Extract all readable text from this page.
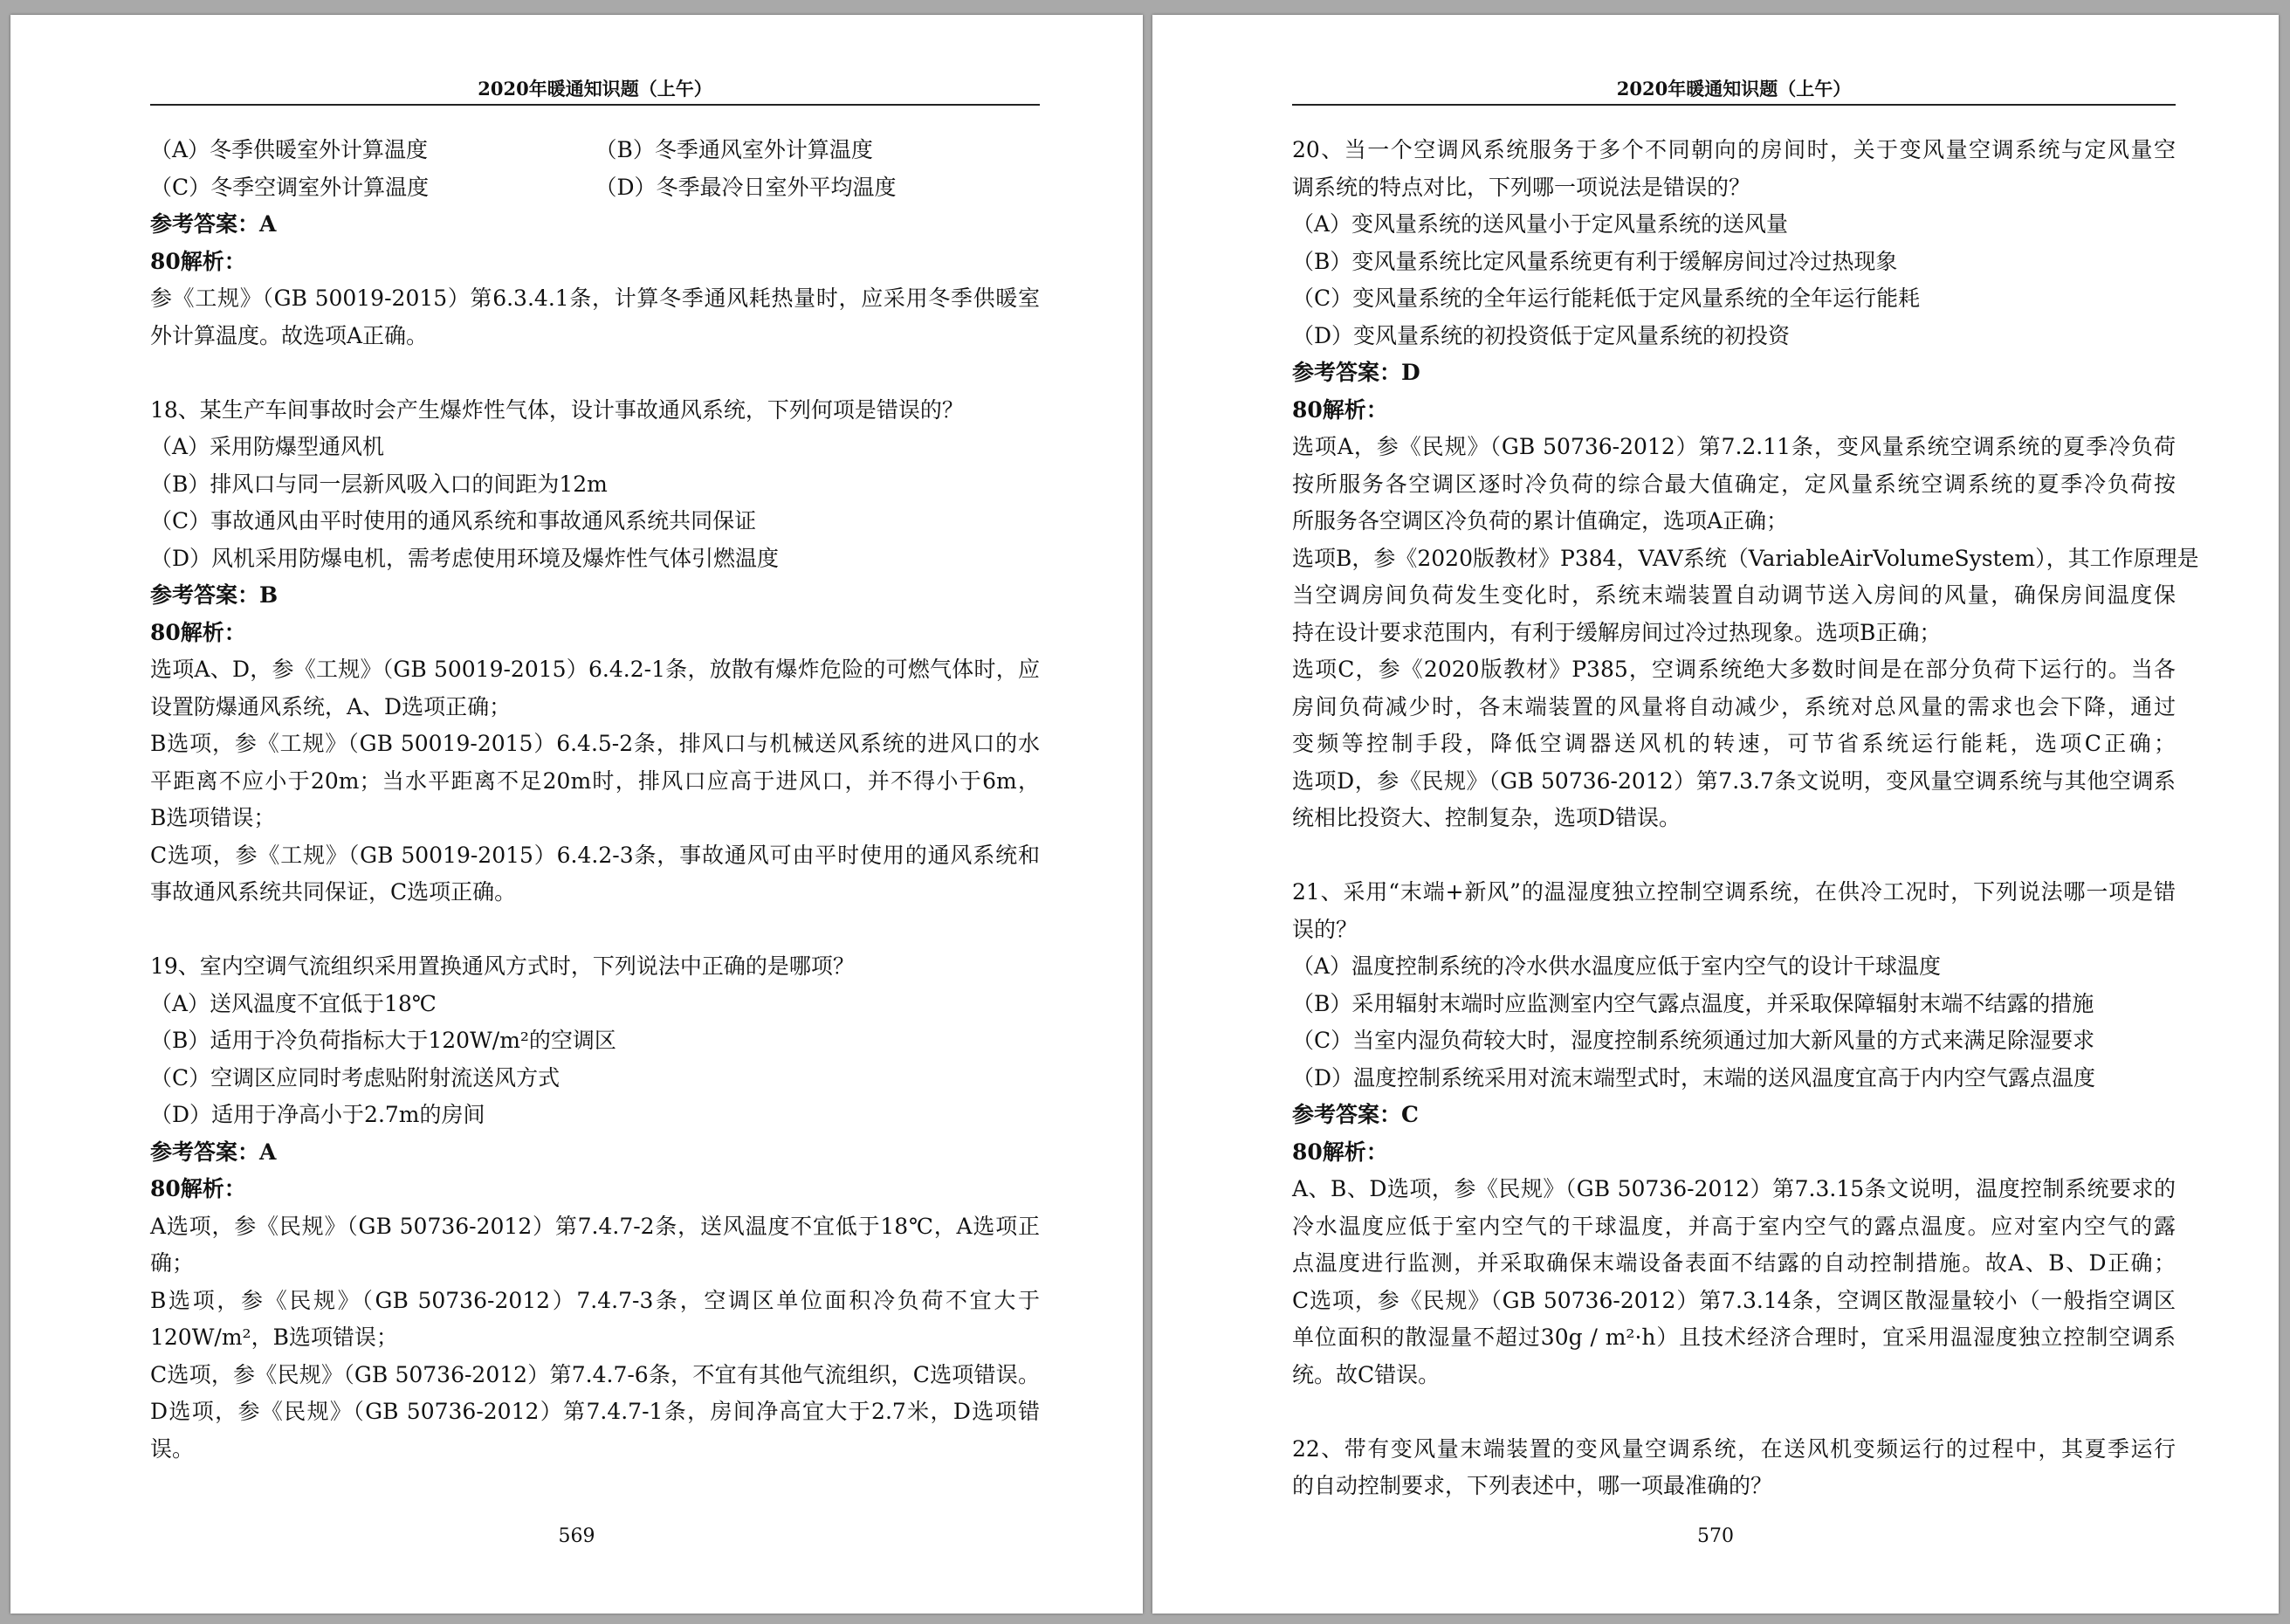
2020年暖通知识题（上午）
（A）冬季供暖室外计算温度	（B）冬季通风室外计算温度
（C）冬季空调室外计算温度	（D）冬季最冷日室外平均温度
参考答案：A
80解析：
参《工规》（GB 50019-2015）第6.3.4.1条，计算冬季通风耗热量时，应采用冬季供暖室
外计算温度。故选项A正确。
18、某生产车间事故时会产生爆炸性气体，设计事故通风系统，下列何项是错误的？
（A）采用防爆型通风机
（B）排风口与同一层新风吸入口的间距为12m
（C）事故通风由平时使用的通风系统和事故通风系统共同保证
（D）风机采用防爆电机，需考虑使用环境及爆炸性气体引燃温度
参考答案：B
80解析：
选项A、D，参《工规》（GB 50019-2015）6.4.2-1条，放散有爆炸危险的可燃气体时，应
设置防爆通风系统，A、D选项正确；
B选项，参《工规》（GB 50019-2015）6.4.5-2条，排风口与机械送风系统的进风口的水
平距离不应小于20m；当水平距离不足20m时，排风口应高于进风口，并不得小于6m，
B选项错误；
C选项，参《工规》（GB 50019-2015）6.4.2-3条，事故通风可由平时使用的通风系统和
事故通风系统共同保证，C选项正确。
19、室内空调气流组织采用置换通风方式时，下列说法中正确的是哪项？
（A）送风温度不宜低于18℃
（B）适用于冷负荷指标大于120W/m²的空调区
（C）空调区应同时考虑贴附射流送风方式
（D）适用于净高小于2.7m的房间
参考答案：A
80解析：
A选项，参《民规》（GB 50736-2012）第7.4.7-2条，送风温度不宜低于18℃，A选项正
确；
B选项，参《民规》（GB 50736-2012）7.4.7-3条，空调区单位面积冷负荷不宜大于
120W/m²，B选项错误；
C选项，参《民规》（GB 50736-2012）第7.4.7-6条，不宜有其他气流组织，C选项错误。
D选项，参《民规》（GB 50736-2012）第7.4.7-1条，房间净高宜大于2.7米，D选项错
误。
569
2020年暖通知识题（上午）
20、当一个空调风系统服务于多个不同朝向的房间时，关于变风量空调系统与定风量空
调系统的特点对比，下列哪一项说法是错误的？
（A）变风量系统的送风量小于定风量系统的送风量
（B）变风量系统比定风量系统更有利于缓解房间过冷过热现象
（C）变风量系统的全年运行能耗低于定风量系统的全年运行能耗
（D）变风量系统的初投资低于定风量系统的初投资
参考答案：D
80解析：
选项A，参《民规》（GB 50736-2012）第7.2.11条，变风量系统空调系统的夏季冷负荷
按所服务各空调区逐时冷负荷的综合最大值确定，定风量系统空调系统的夏季冷负荷按
所服务各空调区冷负荷的累计值确定，选项A正确；
选项B，参《2020版教材》P384，VAV系统（VariableAirVolumeSystem），其工作原理是
当空调房间负荷发生变化时，系统末端装置自动调节送入房间的风量，确保房间温度保
持在设计要求范围内，有利于缓解房间过冷过热现象。选项B正确；
选项C，参《2020版教材》P385，空调系统绝大多数时间是在部分负荷下运行的。当各
房间负荷减少时，各末端装置的风量将自动减少，系统对总风量的需求也会下降，通过
变频等控制手段，降低空调器送风机的转速，可节省系统运行能耗，选项C正确；
选项D，参《民规》（GB 50736-2012）第7.3.7条文说明，变风量空调系统与其他空调系
统相比投资大、控制复杂，选项D错误。
21、采用“末端+新风”的温湿度独立控制空调系统，在供冷工况时，下列说法哪一项是错
误的？
（A）温度控制系统的冷水供水温度应低于室内空气的设计干球温度
（B）采用辐射末端时应监测室内空气露点温度，并采取保障辐射末端不结露的措施
（C）当室内湿负荷较大时，湿度控制系统须通过加大新风量的方式来满足除湿要求
（D）温度控制系统采用对流末端型式时，末端的送风温度宜高于内内空气露点温度
参考答案：C
80解析：
A、B、D选项，参《民规》（GB 50736-2012）第7.3.15条文说明，温度控制系统要求的
冷水温度应低于室内空气的干球温度，并高于室内空气的露点温度。应对室内空气的露
点温度进行监测，并采取确保末端设备表面不结露的自动控制措施。故A、B、D正确；
C选项，参《民规》（GB 50736-2012）第7.3.14条，空调区散湿量较小（一般指空调区
单位面积的散湿量不超过30g / m²·h）且技术经济合理时，宜采用温湿度独立控制空调系
统。故C错误。
22、带有变风量末端装置的变风量空调系统，在送风机变频运行的过程中，其夏季运行
的自动控制要求，下列表述中，哪一项最准确的？
570
